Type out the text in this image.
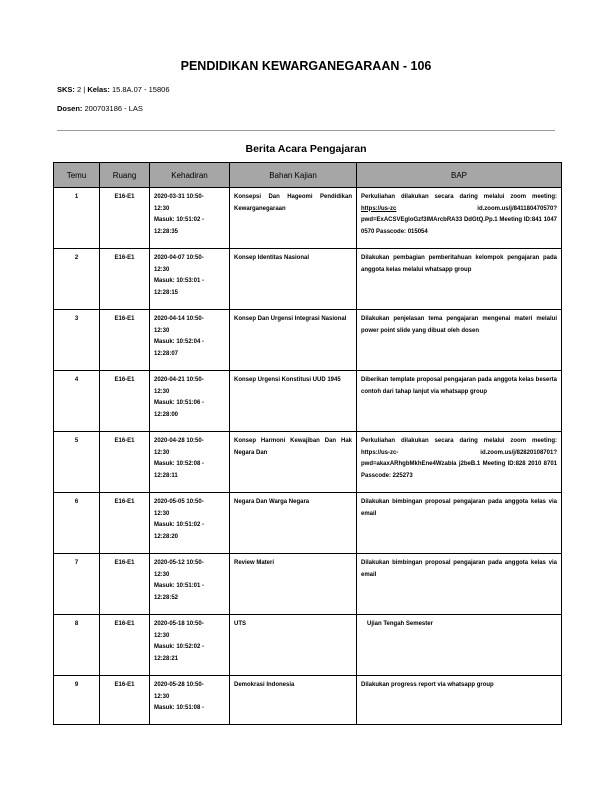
PENDIDIKAN KEWARGANEGARAAN - 106
SKS: 2 | Kelas: 15.8A.07 - 15806
Dosen: 200703186 - LAS
Berita Acara Pengajaran
Temu	Ruang	Kehadiran	Bahan Kajian	BAP
1	E16-E1	2020-03-31 10:50-
12:30
Masuk: 10:51:02 -
12:28:35	Konsepsi Dan Hageomi Pendidikan Kewarganegaraan	Perkuliahan dilakukan secara daring melalui zoom meeting: https://us-zc id.zoom.us/j/841180470570?pwd=ExACSVEgloGzf3lMArcbRA33 DdGtQ.Pp.1 Meeting ID:841 1047 0570 Passcode: 015054
2	E16-E1	2020-04-07 10:50-
12:30
Masuk: 10:53:01 -
12:28:15	Konsep Identitas Nasional	Dilakukan pembagian pemberitahuan kelompok pengajaran pada anggota kelas melalui whatsapp group
3	E16-E1	2020-04-14 10:50-
12:30
Masuk: 10:52:04 -
12:28:07	Konsep Dan Urgensi Integrasi Nasional	Dilakukan penjelasan tema pengajaran mengenai materi melalui power point slide yang dibuat oleh dosen
4	E16-E1	2020-04-21 10:50-
12:30
Masuk: 10:51:06 -
12:28:00	Konsep Urgensi Konstitusi UUD 1945	Diberikan template proposal pengajaran pada anggota kelas beserta contoh dari tahap lanjut via whatsapp group
5	E16-E1	2020-04-28 10:50-
12:30
Masuk: 10:52:08 -
12:28:11	Konsep Harmoni Kewajiban Dan Hak Negara Dan	Perkuliahan dilakukan secara daring melalui zoom meeting: https://us-zc- id.zoom.us/j/82820108701?pwd=akaxARhgbMkhEne4Wzabla j2beB.1 Meeting ID:828 2010 8701 Passcode: 225273
6	E16-E1	2020-05-05 10:50-
12:30
Masuk: 10:51:02 -
12:28:20	Negara Dan Warga Negara	Dilakukan bimbingan proposal pengajaran pada anggota kelas via email
7	E16-E1	2020-05-12 10:50-
12:30
Masuk: 10:51:01 -
12:28:52	Review Materi	Dilakukan bimbingan proposal pengajaran pada anggota kelas via email
8	E16-E1	2020-05-18 10:50-
12:30
Masuk: 10:52:02 -
12:28:21	UTS	Ujian Tengah Semester
9	E16-E1	2020-05-28 10:50-
12:30
Masuk: 10:51:08 -	Demokrasi Indonesia	Dilakukan progress report via whatsapp group
